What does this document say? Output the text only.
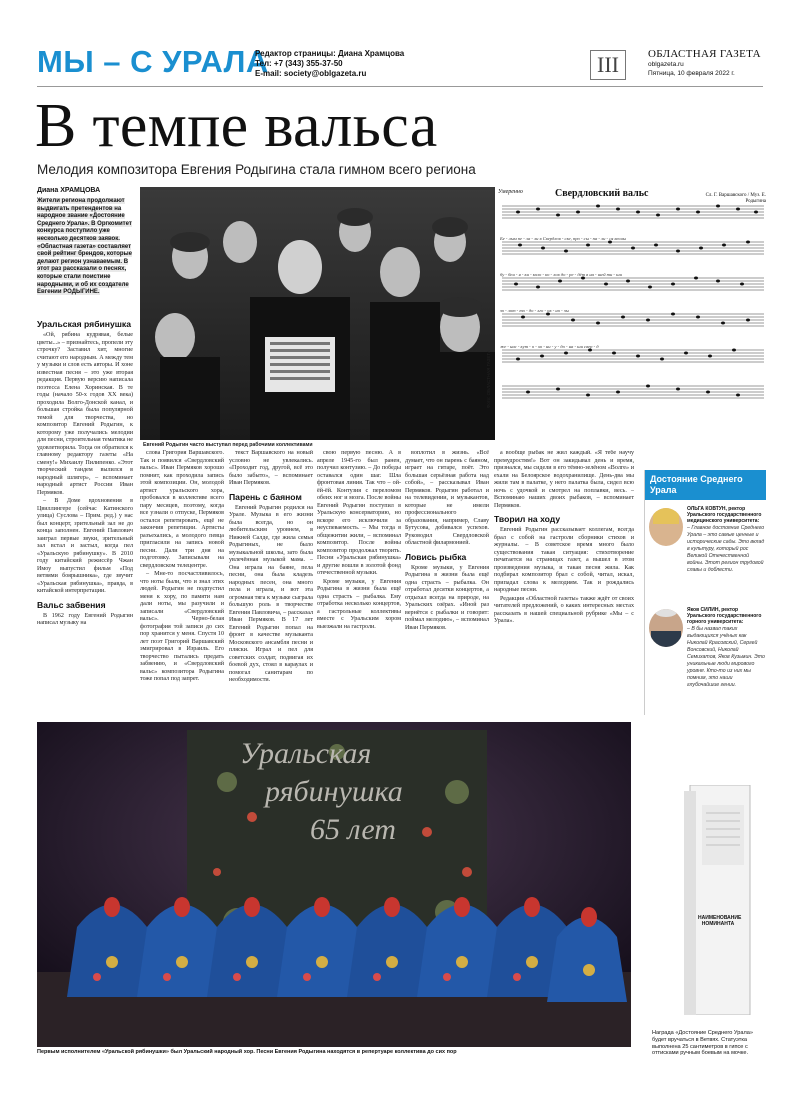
МЫ – С УРАЛА
Редактор страницы: Диана Храмцова
Тел: +7 (343) 355-37-50
E-mail: society@oblgazeta.ru	III	ОБЛАСТНАЯ ГАЗЕТА
oblgazeta.ru
Пятница, 10 февраля 2022 г.
В темпе вальса
Мелодия композитора Евгения Родыгина стала гимном всего региона
Диана ХРАМЦОВА
Жители региона продолжают выдвигать претендентов на народное звание «Достояние Среднего Урала». В Оргкомитет конкурса поступило уже несколько десятков заявок. «Областная газета» составляет свой рейтинг брендов, которые делают регион узнаваемым. В этот раз рассказали о песнях, которые стали поистине народными, и об их создателе Евгении РОДЫГИНЕ.
Евгений Родыгин часто выступал перед рабочими коллективами
Фото: ОБЛАСТНАЯ ГАЗЕТА
Умеренно	Свердловский вальс	Сл. Г. Варшавского / Муз. Е. Родыгина
Бе - лым пе - ла - ли в Свердлов - ске, про - сы - па - ли - ся весны
бу - бен - я - ки - коло - ко - лов до - ре - дёт в на - шей ти - ши
зо - лот - то - до - лго - ок - но - зы
же - нас - кут - о - хо - ни - у - до - на - ши свер - д
Уральская рябинушка

«Ой, рябина кудрявая, белые цветы...» – признайтесь, пропели эту строчку? Заставил хит, многие считают его народным. А между тем у музыки и слов есть авторы. И хоне известная песня – это уже вторая редакция. Первую версию написала поэтесса Елена Хоринская. В те годы (начало 50-х годов XX века) проходила Волго-Донской канал, и большая стройка была популярной темой для творчества, но композитор Евгений Родыгин, к которому уже получались мелодии для песни, строительная тематика не удовлетворила. Тогда он обратился к главному редактору газеты «На смену!» Михаилу Пилипенко. «Этот творческий тандем вылился в народный шлягер», – вспоминает народный артист России Иван Пермяков.

– В Доме вдохновения в Цвиллингере (сейчас Катинского улица) Суслова – Прим. ред.) у нас был концерт, зрительный зал не до конца заполнен. Евгений Павлович заиграл первые звуки, зрительный зал встал и застыл, когда пел «Уральскую рябинушку». В 2010 году китайский режиссёр Чжан Имоу выпустил фильм «Под ветвями боярышника», где звучит «Уральская рябинушка», правда, в китайской интерпретации.

Вальс забвения

В 1962 году Евгений Родыгин написал музыку на

слова Григория Варшавского. Так и появился «Свердловский вальс». Иван Пермяков хорошо помнит, как проходила запись этой композиции. Он, молодой артист уральского хора, пробовался в коллективе всего пару месяцев, поэтому, когда все узнали о отпуске, Пермяков остался репетировать, ещё не закончив репетиции. Артисты разъехались, а молодого певца пригласили на запись новой песни. Дали три дня на подготовку. Записывали на свердловском телецентре.

– Мне-то посчастливилось, что ноты были, что и знал этих людей. Родыгин не подпустил меня к хору, по памяти нам дали ноты, мы разучили и записали «Свердловский вальс». Черно-белая фотография той записи до сих пор хранится у меня. Спустя 10 лет поэт Григорий Варшавский эмигрировал в Израиль. Его творчество пытались предать забвению, и «Свердловский вальс» композитора Родыгина тоже попал под запрет.

текст Варшавского на новый условно не увлекались. «Проходит год, другой, всё это было забыто», – вспоминает Иван Пермяков.

Парень с баяном

Евгений Родыгин родился на Урале. Музыка в его жизни была всегда, но он любительским уровнем, в Нижней Салде, где жила семья Родыгиных, не было музыкальной школы, зато была увлечённая музыкой мама. – Она играла на баяне, пела песни, она была кладезь народных песен, она много пела и играла, и вот эта огромная тяга к музыке сыграла большую роль в творчестве Евгения Павловича, – рассказал Иван Пермяков. В 17 лет Евгений Родыгин попал на фронт в качестве музыканта Московского ансамбля песни и пляски. Играл и пел для советских солдат, подвигая их боевой дух, стоял в караулах и помогал санитарам по необходимости.

свою первую песню. А в апреле 1945-го был ранен, получил контузию. – До победы оставался один шаг. Шла фронтовая линия. Так что – ой-ёй-ёй. Контузия с переломом обеих ног и мозга. После войны Евгений Родыгин поступил в Уральскую консерваторию, но вскоре его исключили за неуспеваемость. – Мы тогда в общежитии жили, – вспоминал композитор. После войны композитор продолжал творить. Песни «Уральская рябинушка» и другие вошли в золотой фонд отечественной музыки.

Кроме музыки, у Евгения Родыгина в жизни была ещё одна страсть – рыбалка. Ему отработка несколько концертов, а гастрольные коллективы вместе с Уральским хором выезжали на гастроли.

воплотил в жизнь. «Всё думает, что он парень с баяном, играет на гитаре, поёт. Это большая серьёзная работа над собой», – рассказывал Иван Пермяков. Родыгин работал и на телевидении, и музыкантов, которые не имели профессионального образования, например, Славу Бутусова, добивался успехов. Руководил Свердловской областной филармонией.

Ловись рыбка

Кроме музыки, у Евгения Родыгина в жизни была ещё одна страсть – рыбалка. Он отработал десятки концертов, а отдыхал всегда на природе, на Уральских озёрах. «Иной раз вернётся с рыбалки и говорит: поймал мелодию», – вспоминал Иван Пермяков.

а вообще рыбак не жил каждый. «Я тебе научу премудростям!» Вот он закидывал день и время, признался, мы сидели в его тёмно-зелёном «Волге» и ехали на Белоярское водохранилище. День-два мы жили там в палатке, у него палатка была, сидел всю ночь с удочкой и смотрел на поплавки, весь. – Вспоминаю наших двоих рыбаков, – вспоминает Пермяков.

Творил на ходу

Евгений Родыгин рассказывает коллегам, всегда брал с собой на гастроли сборники стихов и журналы. – В советское время много было существования такая ситуация: стихотворение печатается на страницах газет, а вышел в этом произведения музыка, и такая песня жила. Как подбирал композитор брал с собой, читал, искал, припадал слова к мелодиям. Так и рождались народные песни.

Редакция «Областной газеты» также ждёт от своих читателей предложений, о каких интересных местах рассказать в нашей специальной рубрике «Мы – с Урала».

Достояние Среднего Урала
ОЛЬГА КОВТУН, ректор Уральского государственного медицинского университета:
– Главное достояние Среднего Урала – это самые ценные и исторические сады. Это вклад в культуру, который рос Великой Отечественной войны. Этот регион трудовой славы и доблести.
Яков СИЛИН, ректор Уральского государственного горного университета:
– В бы назвал таких выдающихся учёных как Николай Красовский, Сергей Вонсовский, Николай Семихатов, Яков Кузьмин. Это уникальные люди мирового уровня. Кто-то из них мы помним, это наши глубочайшие гении.
Уральская
рябинушка
65 лет
Первым исполнителем «Уральской рябинушки» был Уральский народный хор. Песни Евгения Родыгина находятся в репертуаре коллектива до сих пор
НАИМЕНОВАНИЕ НОМИНАНТА
Награда «Достояние Среднего Урала» будет вручаться в Ветвях. Статуэтка выполнена 25 сантиметров в гипсе с оттисками ручным боевым на мочке.
